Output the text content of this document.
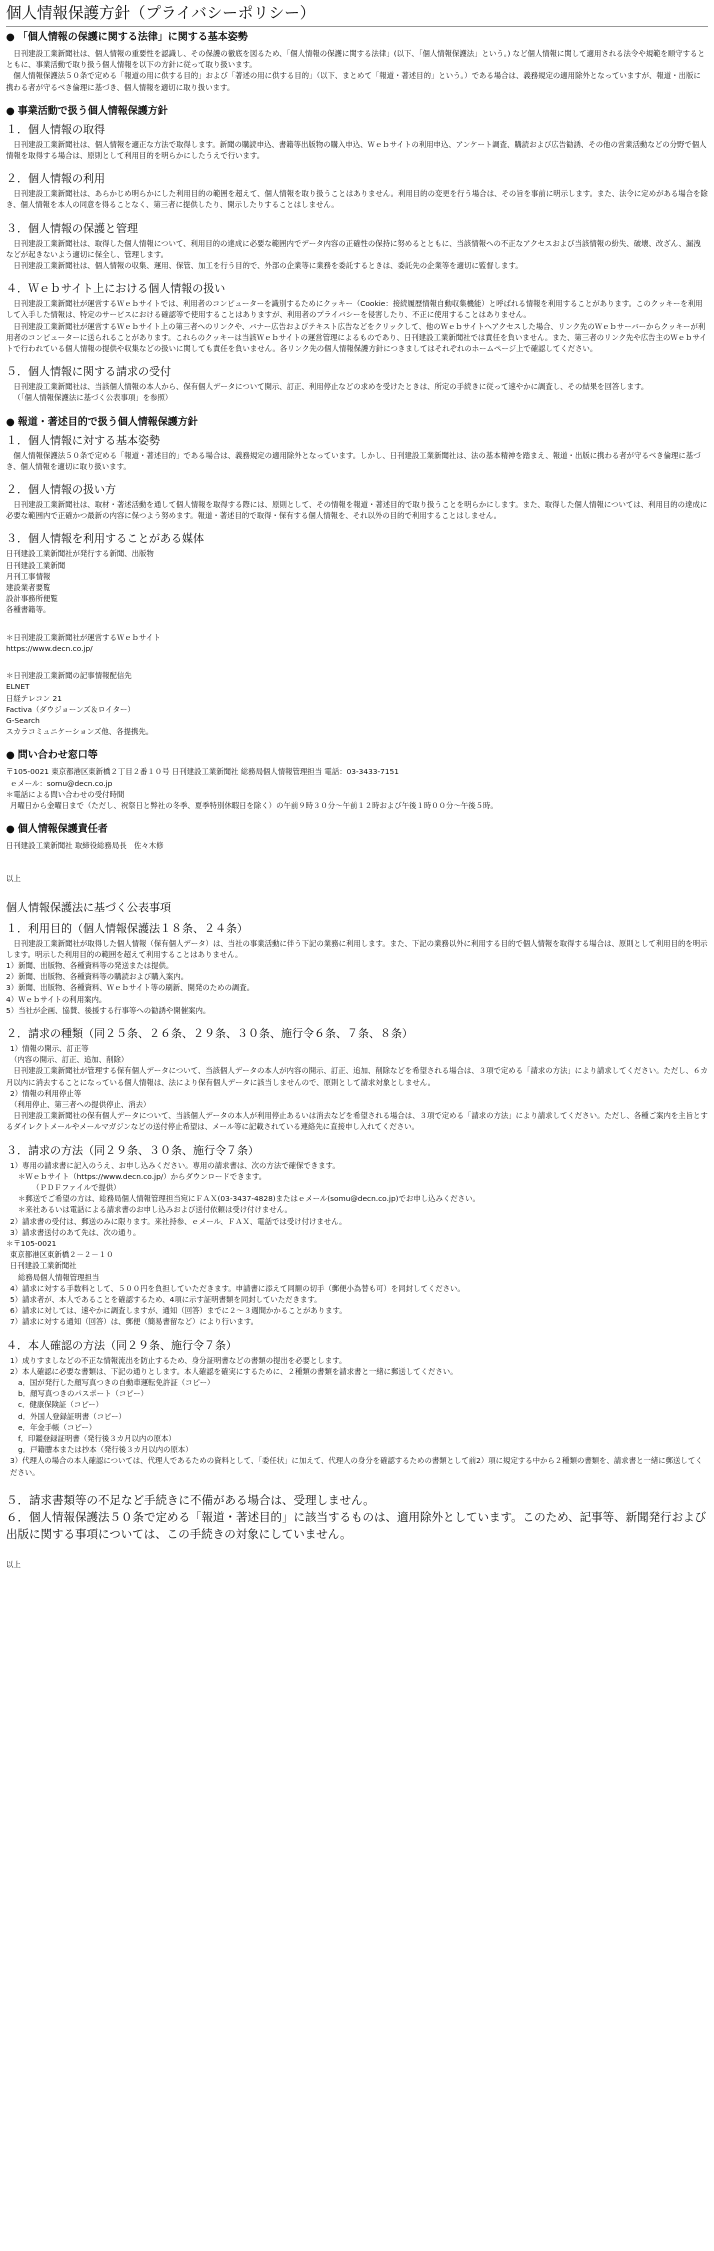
個人情報保護方針（プライバシーポリシー）
● 「個人情報の保護に関する法律」に関する基本姿勢

日刊建設工業新聞社は、個人情報の重要性を認識し、その保護の徹底を図るため、「個人情報の保護に関する法律」(以下、「個人情報保護法」という。) など個人情報に関して適用される法令や規範を順守するとともに、事業活動で取り扱う個人情報を以下の方針に従って取り扱います。

個人情報保護法５０条で定める「報道の用に供する目的」および「著述の用に供する目的」（以下、まとめて「報道・著述目的」という。）である場合は、義務規定の適用除外となっていますが、報道・出版に携わる者が守るべき倫理に基づき、個人情報を適切に取り扱います。

● 事業活動で扱う個人情報保護方針
１．個人情報の取得

日刊建設工業新聞社は、個人情報を適正な方法で取得します。新聞の購読申込、書籍等出版物の購入申込、Ｗｅｂサイトの利用申込、アンケート調査、購読および広告勧誘、その他の営業活動などの分野で個人情報を取得する場合は、原則として利用目的を明らかにしたうえで行います。

２．個人情報の利用

日刊建設工業新聞社は、あらかじめ明らかにした利用目的の範囲を超えて、個人情報を取り扱うことはありません。利用目的の変更を行う場合は、その旨を事前に明示します。また、法令に定めがある場合を除き、個人情報を本人の同意を得ることなく、第三者に提供したり、開示したりすることはしません。

３．個人情報の保護と管理

日刊建設工業新聞社は、取得した個人情報について、利用目的の達成に必要な範囲内でデータ内容の正確性の保持に努めるとともに、当該情報への不正なアクセスおよび当該情報の紛失、破壊、改ざん、漏洩などが起きないよう適切に保全し、管理します。

日刊建設工業新聞社は、個人情報の収集、運用、保管、加工を行う目的で、外部の企業等に業務を委託するときは、委託先の企業等を適切に監督します。

４．Ｗｅｂサイト上における個人情報の扱い

日刊建設工業新聞社が運営するＷｅｂサイトでは、利用者のコンピューターを識別するためにクッキー（Cookie：接続履歴情報自動収集機能）と呼ばれる情報を利用することがあります。このクッキーを利用して入手した情報は、特定のサービスにおける確認等で使用することはありますが、利用者のプライバシーを侵害したり、不正に使用することはありません。

日刊建設工業新聞社が運営するＷｅｂサイト上の第三者へのリンクや、バナー広告およびテキスト広告などをクリックして、他のＷｅｂサイトへアクセスした場合、リンク先のＷｅｂサーバーからクッキーが利用者のコンピューターに送られることがあります。これらのクッキーは当該Ｗｅｂサイトの運営管理によるものであり、日刊建設工業新聞社では責任を負いません。また、第三者のリンク先や広告主のＷｅｂサイトで行われている個人情報の提供や収集などの扱いに関しても責任を負いません。各リンク先の個人情報保護方針につきましてはそれぞれのホームページ上で確認してください。

５．個人情報に関する請求の受付

日刊建設工業新聞社は、当該個人情報の本人から、保有個人データについて開示、訂正、利用停止などの求めを受けたときは、所定の手続きに従って速やかに調査し、その結果を回答します。

（「個人情報保護法に基づく公表事項」を参照）

● 報道・著述目的で扱う個人情報保護方針
１．個人情報に対する基本姿勢

個人情報保護法５０条で定める「報道・著述目的」である場合は、義務規定の適用除外となっています。しかし、日刊建設工業新聞社は、法の基本精神を踏まえ、報道・出版に携わる者が守るべき倫理に基づき、個人情報を適切に取り扱います。

２．個人情報の扱い方

日刊建設工業新聞社は、取材・著述活動を通して個人情報を取得する際には、原則として、その情報を報道・著述目的で取り扱うことを明らかにします。また、取得した個人情報については、利用目的の達成に必要な範囲内で正確かつ最新の内容に保つよう努めます。報道・著述目的で取得・保有する個人情報を、それ以外の目的で利用することはしません。

３．個人情報を利用することがある媒体
日刊建設工業新聞社が発行する新聞、出版物
日刊建設工業新聞
月刊工事情報
建設業者要覧
設計事務所便覧
各種書籍等。
＊日刊建設工業新聞社が運営するＷｅｂサイト
https://www.decn.co.jp/
＊日刊建設工業新聞の記事情報配信先
ELNET
日経テレコン 21
Factiva（ダウジョーンズ＆ロイター）
G-Search
スカラコミュニケーションズ他、各提携先。
● 問い合わせ窓口等
〒105-0021 東京都港区東新橋２丁目２番１０号 日刊建設工業新聞社 総務局個人情報管理担当 電話：03-3433-7151
ｅメール：somu@decn.co.jp
＊電話による問い合わせの受付時間
月曜日から金曜日まで（ただし、祝祭日と弊社の冬季、夏季特別休暇日を除く）の午前９時３０分～午前１２時および午後１時００分～午後５時。
● 個人情報保護責任者
日刊建設工業新聞社 取締役総務局長　佐々木修
以上
個人情報保護法に基づく公表事項
１．利用目的（個人情報保護法１８条、２４条）

日刊建設工業新聞社が取得した個人情報（保有個人データ）は、当社の事業活動に伴う下記の業務に利用します。また、下記の業務以外に利用する目的で個人情報を取得する場合は、原則として利用目的を明示します。明示した利用目的の範囲を超えて利用することはありません。

1）新聞、出版物、各種資料等の発送または提供。
2）新聞、出版物、各種資料等の購読および購入案内。
3）新聞、出版物、各種資料、Ｗｅｂサイト等の刷新、開発のための調査。
4）Ｗｅｂサイトの利用案内。
5）当社が企画、協賛、後援する行事等への勧誘や開催案内。
２．請求の種類（同２５条、２６条、２９条、３０条、施行令６条、７条、８条）
1）情報の開示、訂正等
（内容の開示、訂正、追加、削除）

日刊建設工業新聞社が管理する保有個人データについて、当該個人データの本人が内容の開示、訂正、追加、削除などを希望される場合は、３項で定める「請求の方法」により請求してください。ただし、６カ月以内に消去することになっている個人情報は、法により保有個人データに該当しませんので、原則として請求対象としません。

2）情報の利用停止等
（利用停止、第三者への提供停止、消去）

日刊建設工業新聞社の保有個人データについて、当該個人データの本人が利用停止あるいは消去などを希望される場合は、３項で定める「請求の方法」により請求してください。ただし、各種ご案内を主旨とするダイレクトメールやメールマガジンなどの送付停止希望は、メール等に記載されている連絡先に直接申し入れてください。

３．請求の方法（同２９条、３０条、施行令７条）
1）専用の請求書に記入のうえ、お申し込みください。専用の請求書は、次の方法で確保できます。
＊Ｗｅｂサイト（https://www.decn.co.jp/）からダウンロードできます。
（ＰＤＦファイルで提供）
＊郵送でご希望の方は、総務局個人情報管理担当宛にＦＡＸ(03-3437-4828)またはｅメール(somu@decn.co.jp)でお申し込みください。
＊来社あるいは電話による請求書のお申し込みおよび送付依頼は受け付けません。
2）請求書の受付は、郵送のみに限ります。来社持参、ｅメール、ＦＡＸ、電話では受け付けません。
3）請求書送付のあて先は、次の通り。
＊〒105-0021
東京都港区東新橋２－２－１０
日刊建設工業新聞社
総務局個人情報管理担当
4）請求に対する手数料として、５００円を負担していただきます。申請書に添えて同額の切手（郵便小為替も可）を同封してください。
5）請求者が、本人であることを確認するため、4項に示す証明書類を同封していただきます。
6）請求に対しては、速やかに調査しますが、通知（回答）までに２～３週間かかることがあります。
7）請求に対する通知（回答）は、郵便（簡易書留など）により行います。
４．本人確認の方法（同２９条、施行令７条）
1）成りすましなどの不正な情報流出を防止するため、身分証明書などの書類の提出を必要とします。
2）本人確認に必要な書類は、下記の通りとします。本人確認を確実にするために、２種類の書類を請求書と一緒に郵送してください。
a．国が発行した顔写真つきの自動車運転免許証（コピー）
b．顔写真つきのパスポート（コピー）
c．健康保険証（コピー）
d．外国人登録証明書（コピー）
e．年金手帳（コピー）
f．印鑑登録証明書（発行後３カ月以内の原本）
g．戸籍謄本または抄本（発行後３カ月以内の原本）
3）代理人の場合の本人確認については、代理人であるための資料として、「委任状」に加えて、代理人の身分を確認するための書類として前2）項に規定する中から２種類の書類を、請求書と一緒に郵送してください。
５．請求書類等の不足など手続きに不備がある場合は、受理しません。
６．個人情報保護法５０条で定める「報道・著述目的」に該当するものは、適用除外としています。このため、記事等、新聞発行および出版に関する事項については、この手続きの対象にしていません。
以上
